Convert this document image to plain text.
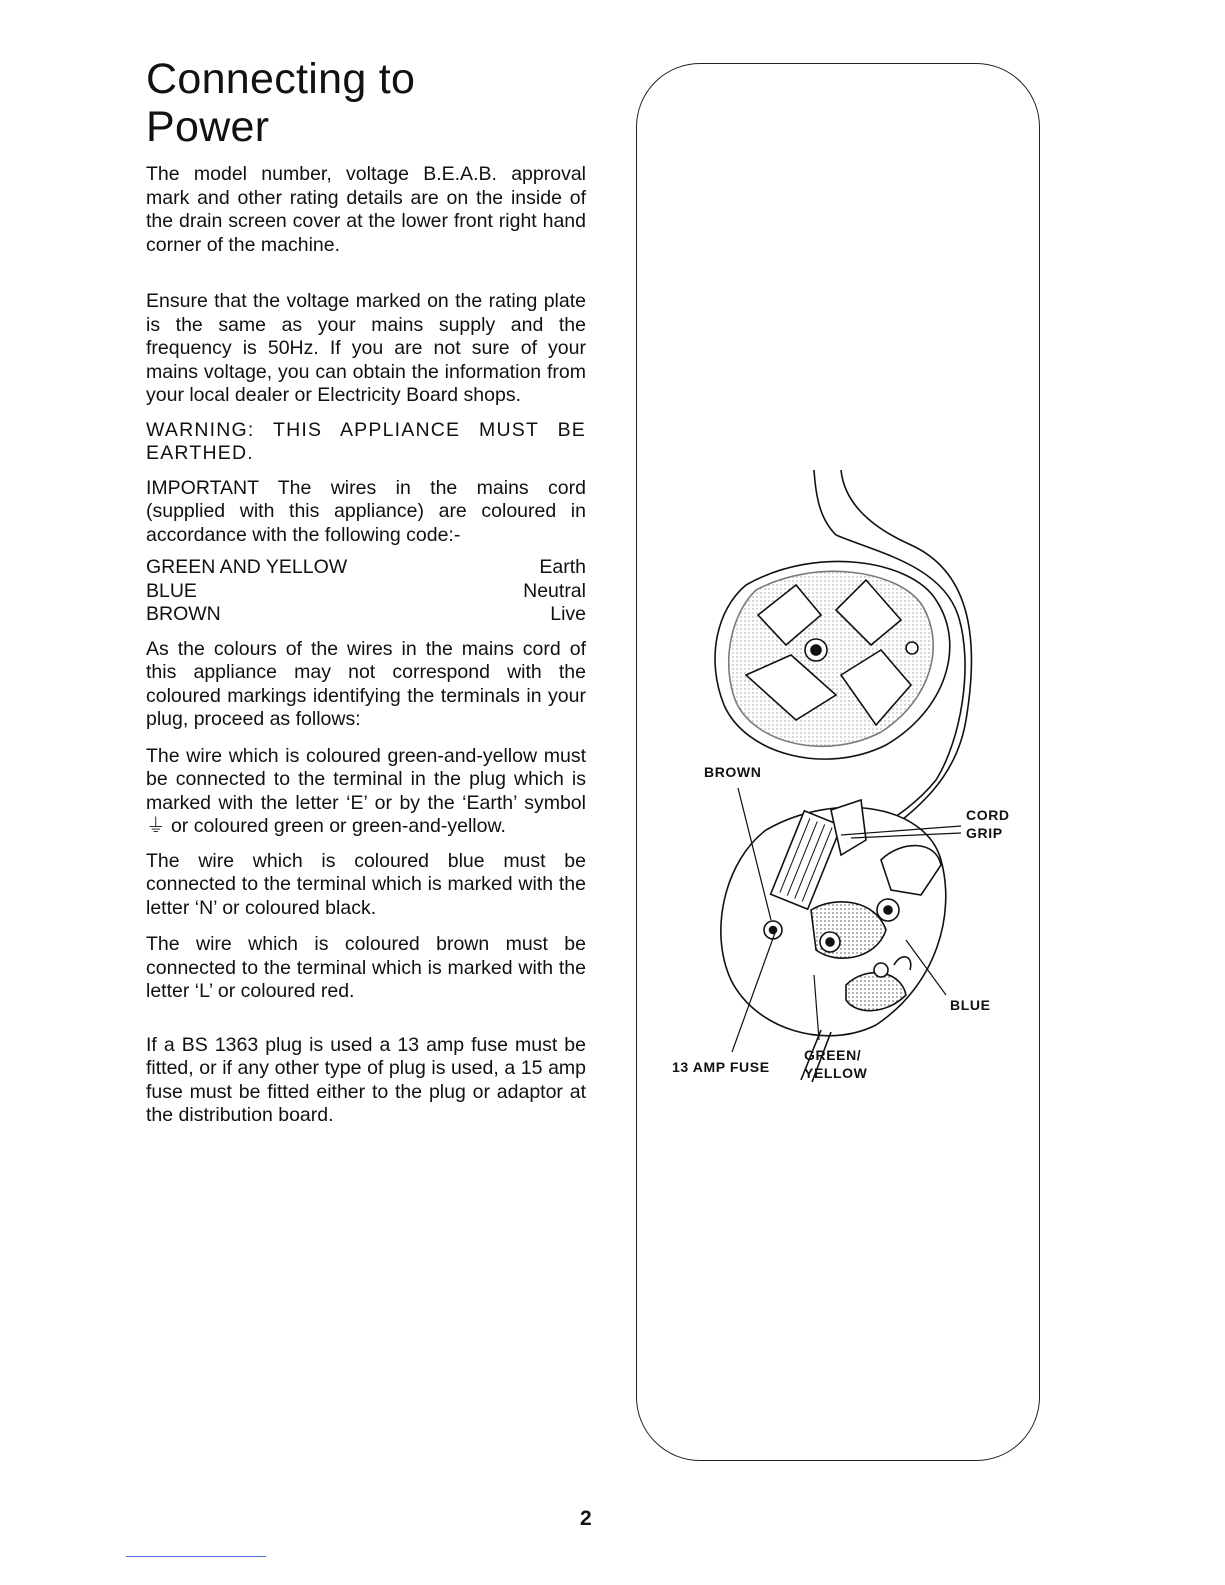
Connecting to
Power

The model number, voltage B.E.A.B. approval mark and other rating details are on the inside of the drain screen cover at the lower front right hand corner of the machine.

Ensure that the voltage marked on the rating plate is the same as your mains supply and the frequency is 50Hz. If you are not sure of your mains voltage, you can obtain the information from your local dealer or Electricity Board shops.

WARNING: THIS APPLIANCE MUST BE EARTHED.

IMPORTANT The wires in the mains cord (supplied with this appliance) are coloured in accordance with the following code:-

GREEN AND YELLOW	Earth
BLUE	Neutral
BROWN	Live

As the colours of the wires in the mains cord of this appliance may not correspond with the coloured markings identifying the terminals in your plug, proceed as follows:

The wire which is coloured green-and-yellow must be connected to the terminal in the plug which is marked with the letter ‘E’ or by the ‘Earth’ symbol ⏚ or coloured green or green-and-yellow.

The wire which is coloured blue must be connected to the terminal which is marked with the letter ‘N’ or coloured black.

The wire which is coloured brown must be connected to the terminal which is marked with the letter ‘L’ or coloured red.

If a BS 1363 plug is used a 13 amp fuse must be fitted, or if any other type of plug is used, a 15 amp fuse must be fitted either to the plug or adaptor at the distribution board.

BROWN
CORD
GRIP
BLUE
13 AMP FUSE
GREEN/
YELLOW
2
